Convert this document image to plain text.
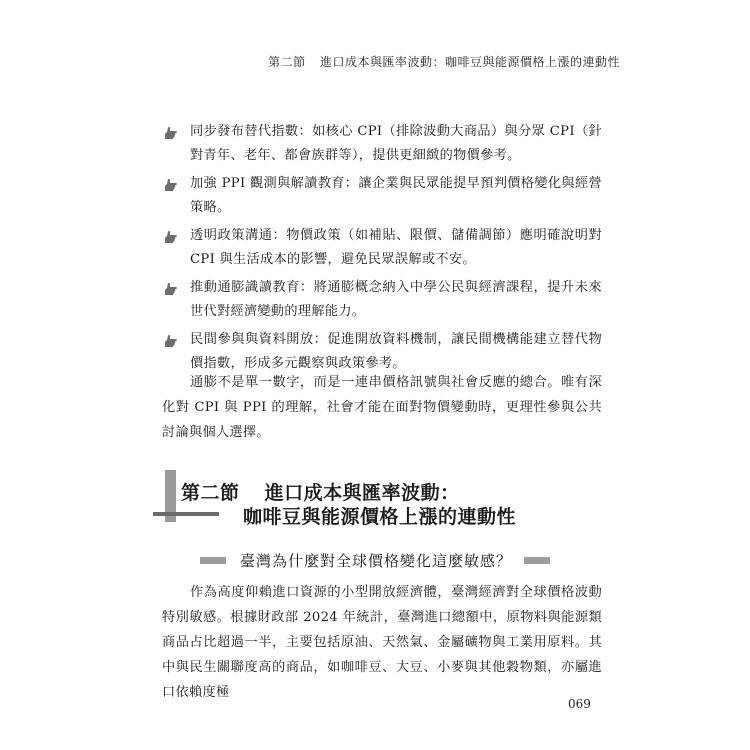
第二節 進口成本與匯率波動：咖啡豆與能源價格上漲的連動性
同步發布替代指數：如核心 CPI（排除波動大商品）與分眾 CPI（針對青年、老年、都會族群等），提供更細緻的物價參考。
加強 PPI 觀測與解讀教育：讓企業與民眾能提早預判價格變化與經營策略。
透明政策溝通：物價政策（如補貼、限價、儲備調節）應明確說明對 CPI 與生活成本的影響，避免民眾誤解或不安。
推動通膨識讀教育：將通膨概念納入中學公民與經濟課程，提升未來世代對經濟變動的理解能力。
民間參與與資料開放：促進開放資料機制，讓民間機構能建立替代物價指數，形成多元觀察與政策參考。

通膨不是單一數字，而是一連串價格訊號與社會反應的總合。唯有深化對 CPI 與 PPI 的理解，社會才能在面對物價變動時，更理性參與公共討論與個人選擇。

第二節 進口成本與匯率波動：
咖啡豆與能源價格上漲的連動性
臺灣為什麼對全球價格變化這麼敏感？

作為高度仰賴進口資源的小型開放經濟體，臺灣經濟對全球價格波動特別敏感。根據財政部 2024 年統計，臺灣進口總額中，原物料與能源類商品占比超過一半，主要包括原油、天然氣、金屬礦物與工業用原料。其中與民生關聯度高的商品，如咖啡豆、大豆、小麥與其他穀物類，亦屬進口依賴度極

069
